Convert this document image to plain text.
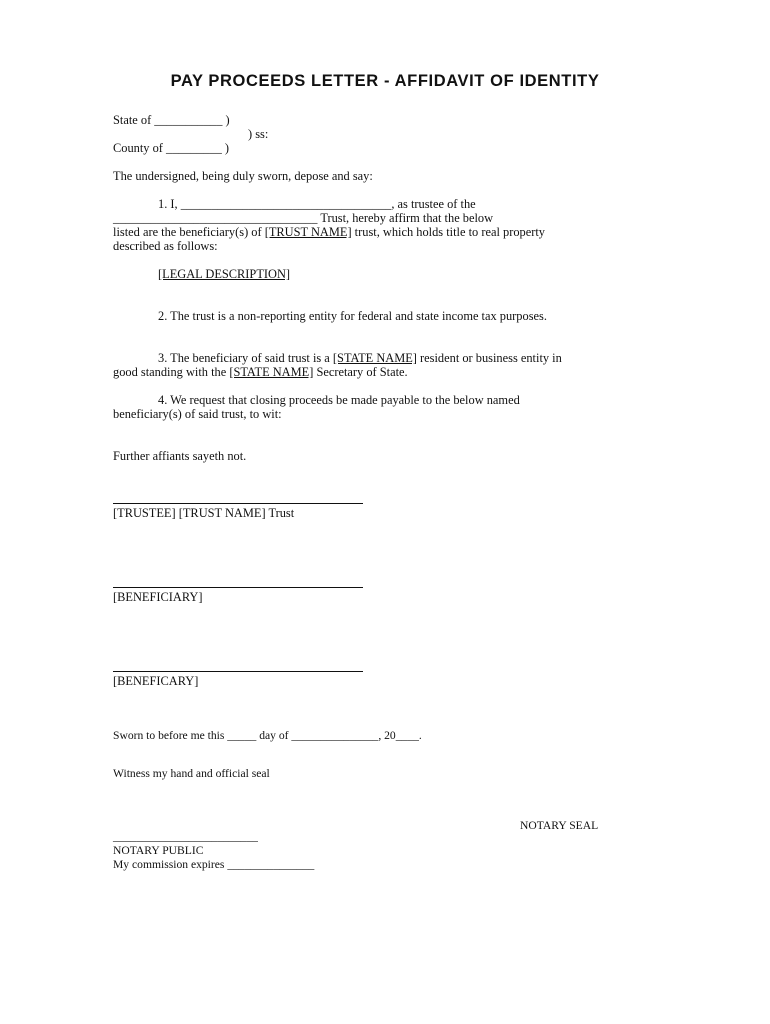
PAY PROCEEDS LETTER - AFFIDAVIT OF IDENTITY
State of ___________ )
) ss:
County of _________ )
The undersigned, being duly sworn, depose and say:
1. I, __________________________________, as trustee of the
_________________________________ Trust, hereby affirm that the below
listed are the beneficiary(s) of [TRUST NAME] trust, which holds title to real property
described as follows:
[LEGAL DESCRIPTION]
2. The trust is a non-reporting entity for federal and state income tax purposes.
3. The beneficiary of said trust is a [STATE NAME] resident or business entity in
good standing with the [STATE NAME] Secretary of State.
4. We request that closing proceeds be made payable to the below named
beneficiary(s) of said trust, to wit:
Further affiants sayeth not.
[TRUSTEE] [TRUST NAME] Trust
[BENEFICIARY]
[BENEFICARY]
Sworn to before me this _____ day of _______________, 20____.
Witness my hand and official seal
NOTARY SEAL
_________________________
NOTARY PUBLIC
My commission expires _______________
